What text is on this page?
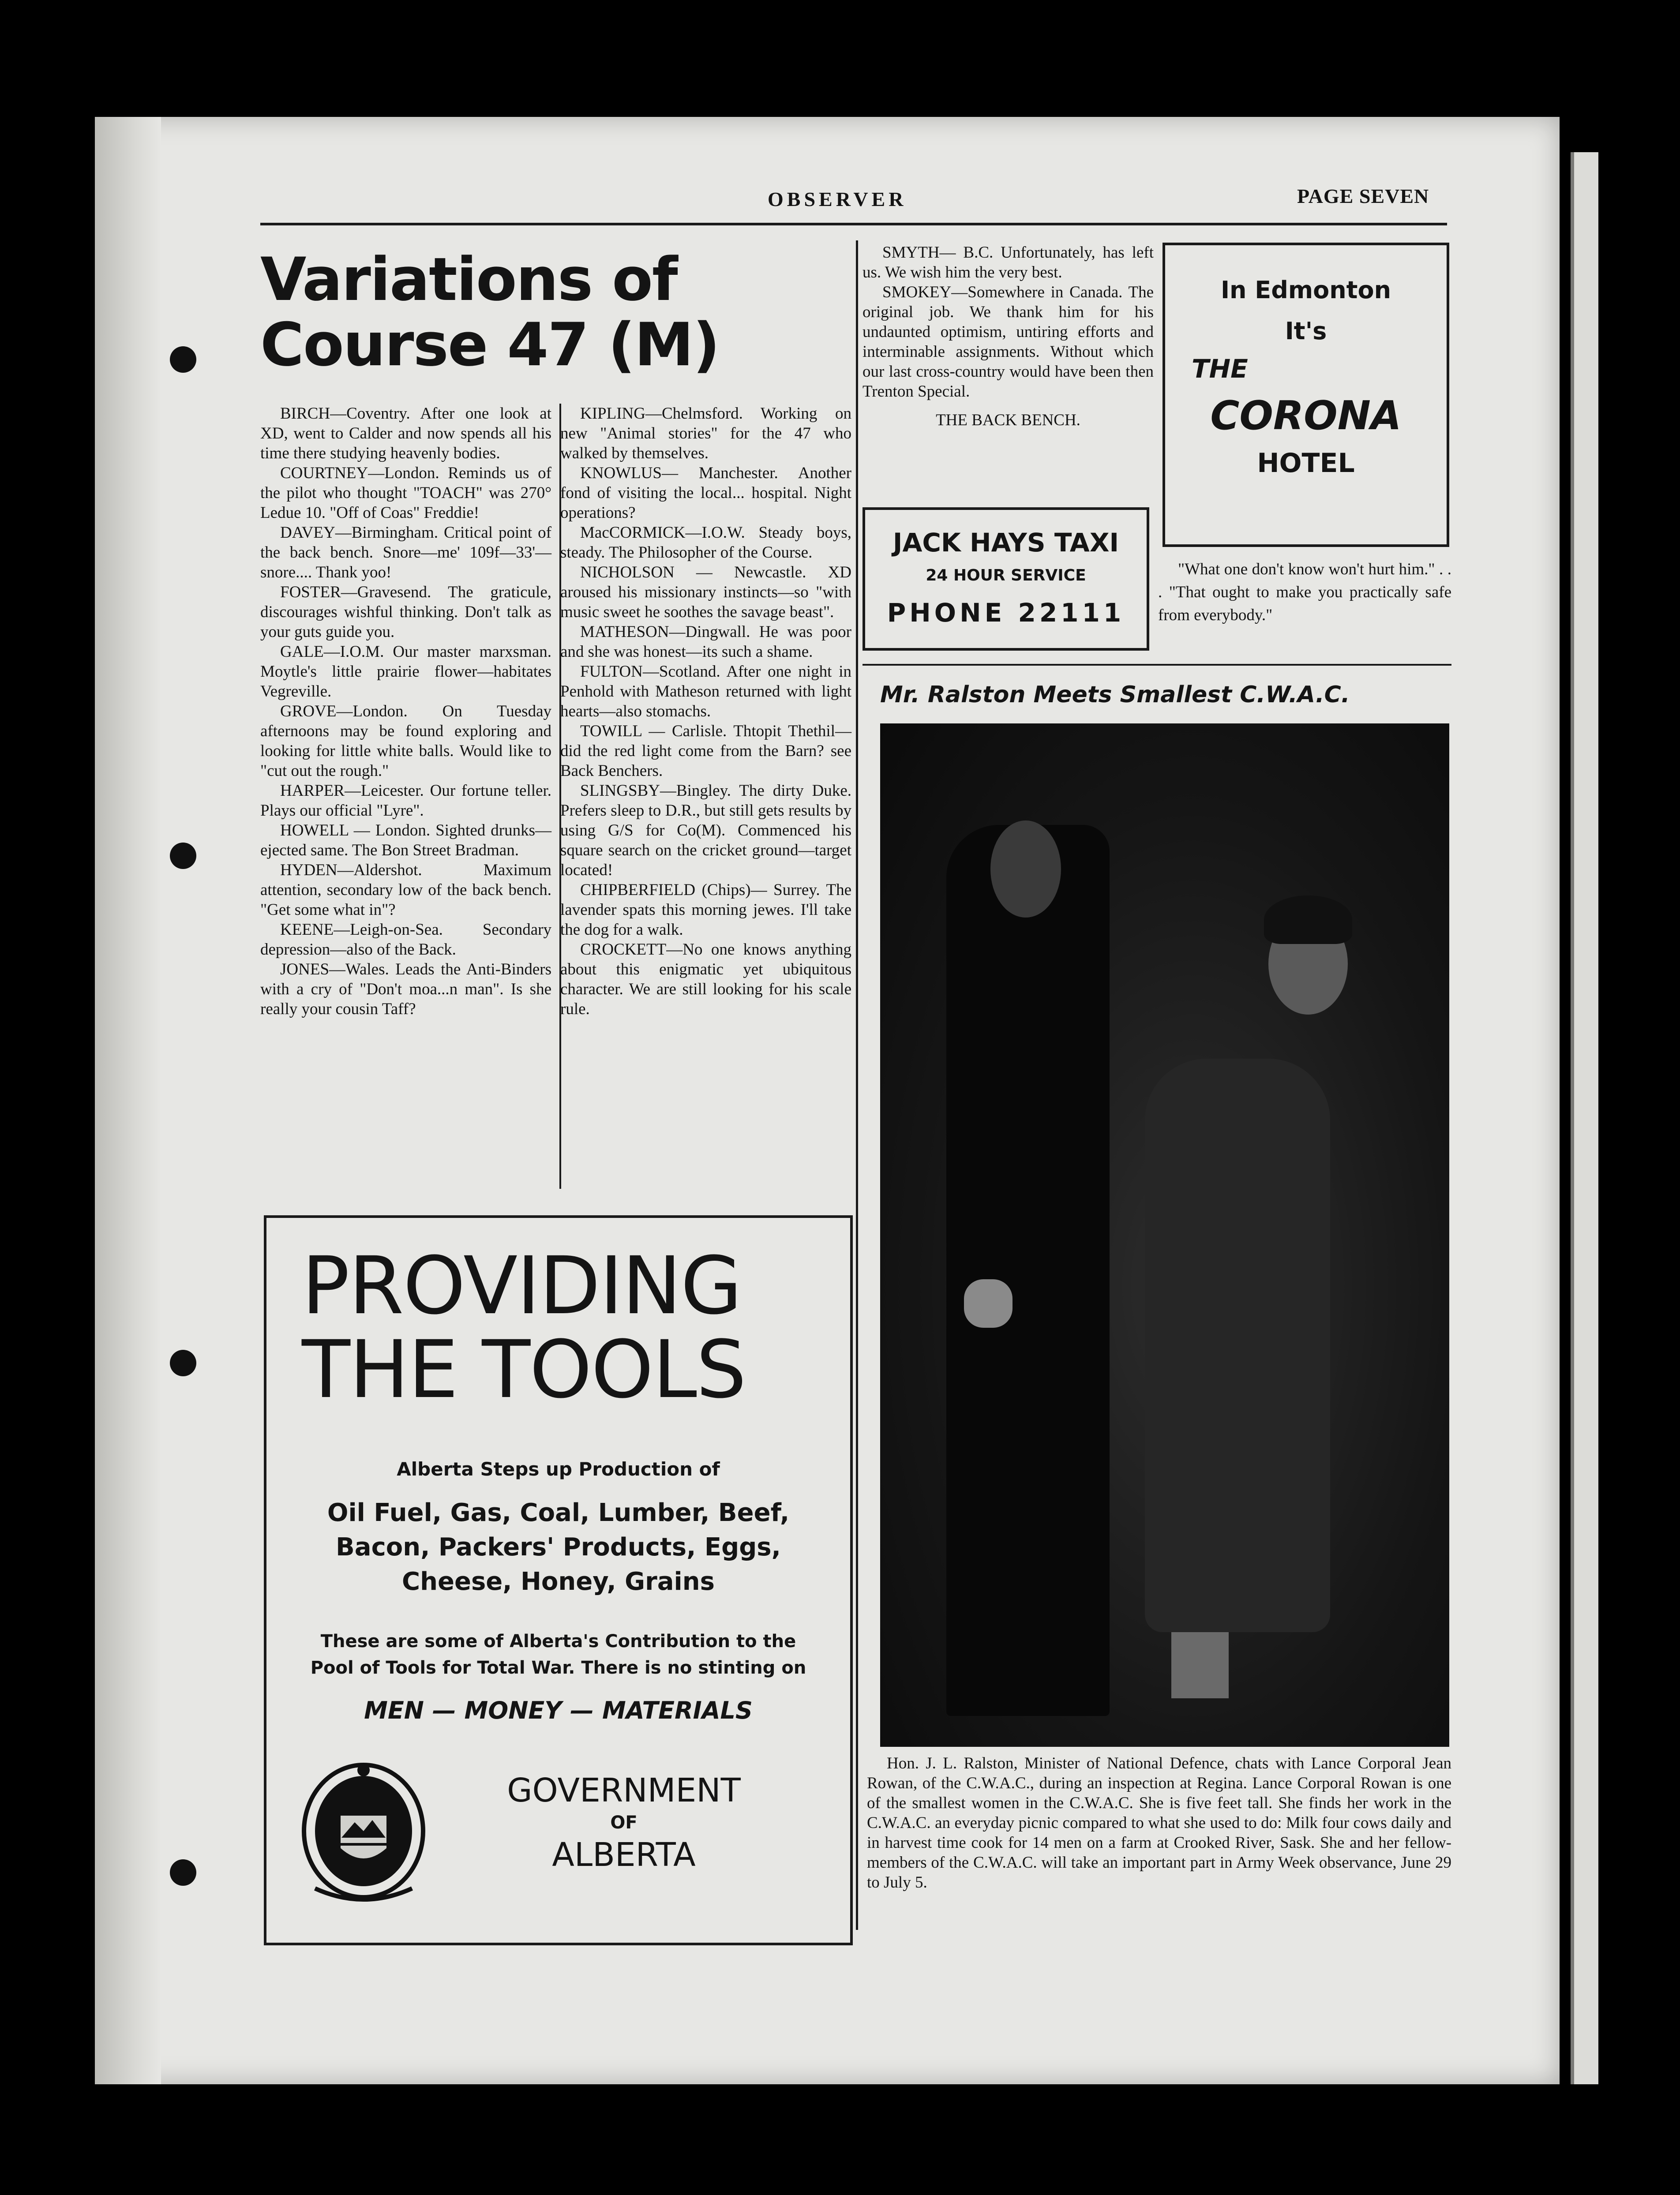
OBSERVER	PAGE SEVEN
Variations of
Course 47 (M)

BIRCH—Coventry. After one look at XD, went to Calder and now spends all his time there studying heavenly bodies.

COURTNEY—London. Reminds us of the pilot who thought "TOACH" was 270° Ledue 10. "Off of Coas" Freddie!

DAVEY—Birmingham. Critical point of the back bench. Snore—me' 109f—33'—snore.... Thank yoo!

FOSTER—Gravesend. The graticule, discourages wishful thinking. Don't talk as your guts guide you.

GALE—I.O.M. Our master marxsman. Moytle's little prairie flower—habitates Vegreville.

GROVE—London. On Tuesday afternoons may be found exploring and looking for little white balls. Would like to "cut out the rough."

HARPER—Leicester. Our fortune teller. Plays our official "Lyre".

HOWELL — London. Sighted drunks—ejected same. The Bon Street Bradman.

HYDEN—Aldershot. Maximum attention, secondary low of the back bench. "Get some what in"?

KEENE—Leigh-on-Sea. Secondary depression—also of the Back.

JONES—Wales. Leads the Anti-Binders with a cry of "Don't moa...n man". Is she really your cousin Taff?

KIPLING—Chelmsford. Working on new "Animal stories" for the 47 who walked by themselves.

KNOWLUS— Manchester. Another fond of visiting the local... hospital. Night operations?

MacCORMICK—I.O.W. Steady boys, steady. The Philosopher of the Course.

NICHOLSON — Newcastle. XD aroused his missionary instincts—so "with music sweet he soothes the savage beast".

MATHESON—Dingwall. He was poor and she was honest—its such a shame.

FULTON—Scotland. After one night in Penhold with Matheson returned with light hearts—also stomachs.

TOWILL — Carlisle. Thtopit Thethil—did the red light come from the Barn? see Back Benchers.

SLINGSBY—Bingley. The dirty Duke. Prefers sleep to D.R., but still gets results by using G/S for Co(M). Commenced his square search on the cricket ground—target located!

CHIPBERFIELD (Chips)— Surrey. The lavender spats this morning jewes. I'll take the dog for a walk.

CROCKETT—No one knows anything about this enigmatic yet ubiquitous character. We are still looking for his scale rule.

SMYTH— B.C. Unfortunately, has left us. We wish him the very best.

SMOKEY—Somewhere in Canada. The original job. We thank him for his undaunted optimism, untiring efforts and interminable assignments. Without which our last cross-country would have been then Trenton Special.

THE BACK BENCH.

In Edmonton
It's
THE
CORONA
HOTEL
"What one don't know won't hurt him." . . . "That ought to make you practically safe from everybody."
JACK HAYS TAXI
24 HOUR SERVICE
PHONE 22111
Mr. Ralston Meets Smallest C.W.A.C.
Hon. J. L. Ralston, Minister of National Defence, chats with Lance Corporal Jean Rowan, of the C.W.A.C., during an inspection at Regina. Lance Corporal Rowan is one of the smallest women in the C.W.A.C. She is five feet tall. She finds her work in the C.W.A.C. an everyday picnic compared to what she used to do: Milk four cows daily and in harvest time cook for 14 men on a farm at Crooked River, Sask. She and her fellow-members of the C.W.A.C. will take an important part in Army Week observance, June 29 to July 5.
PROVIDING
THE TOOLS
Alberta Steps up Production of
Oil Fuel, Gas, Coal, Lumber, Beef,
Bacon, Packers' Products, Eggs,
Cheese, Honey, Grains
These are some of Alberta's Contribution to the
Pool of Tools for Total War. There is no stinting on
MEN — MONEY — MATERIALS
GOVERNMENT
OF
ALBERTA
